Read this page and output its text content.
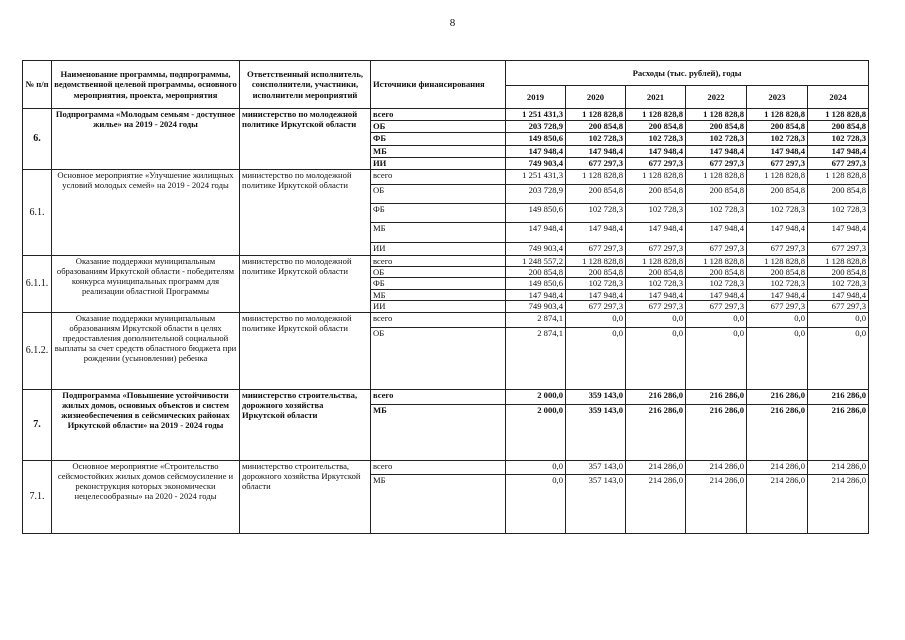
8
№ п/п	Наименование программы, подпрограммы, ведомственной целевой программы, основного мероприятия, проекта, мероприятия	Ответственный исполнитель, соисполнители, участники, исполнители мероприятий	Источники финансирования	Расходы (тыс. рублей), годы					
				2019	2020	2021	2022	2023	2024
6.	Подпрограмма «Молодым семьям - доступное жилье» на 2019 - 2024 годы	министерство по молодежной политике Иркутской области	всего	1 251 431,3	1 128 828,8	1 128 828,8	1 128 828,8	1 128 828,8	1 128 828,8
			ОБ	203 728,9	200 854,8	200 854,8	200 854,8	200 854,8	200 854,8
			ФБ	149 850,6	102 728,3	102 728,3	102 728,3	102 728,3	102 728,3
			МБ	147 948,4	147 948,4	147 948,4	147 948,4	147 948,4	147 948,4
			ИИ	749 903,4	677 297,3	677 297,3	677 297,3	677 297,3	677 297,3
6.1.	Основное мероприятие «Улучшение жилищных условий молодых семей» на 2019 - 2024 годы	министерство по молодежной политике Иркутской области	всего	1 251 431,3	1 128 828,8	1 128 828,8	1 128 828,8	1 128 828,8	1 128 828,8
			ОБ	203 728,9	200 854,8	200 854,8	200 854,8	200 854,8	200 854,8
			ФБ	149 850,6	102 728,3	102 728,3	102 728,3	102 728,3	102 728,3
			МБ	147 948,4	147 948,4	147 948,4	147 948,4	147 948,4	147 948,4
			ИИ	749 903,4	677 297,3	677 297,3	677 297,3	677 297,3	677 297,3
6.1.1.	Оказание поддержки муниципальным образованиям Иркутской области - победителям конкурса муниципальных программ для реализации областной Программы	министерство по молодежной политике Иркутской области	всего	1 248 557,2	1 128 828,8	1 128 828,8	1 128 828,8	1 128 828,8	1 128 828,8
			ОБ	200 854,8	200 854,8	200 854,8	200 854,8	200 854,8	200 854,8
			ФБ	149 850,6	102 728,3	102 728,3	102 728,3	102 728,3	102 728,3
			МБ	147 948,4	147 948,4	147 948,4	147 948,4	147 948,4	147 948,4
			ИИ	749 903,4	677 297,3	677 297,3	677 297,3	677 297,3	677 297,3
6.1.2.	Оказание поддержки муниципальным образованиям Иркутской области в целях предоставления дополнительной социальной выплаты за счет средств областного бюджета при рождении (усыновлении) ребенка	министерство по молодежной политике Иркутской области	всего	2 874,1	0,0	0,0	0,0	0,0	0,0
			ОБ	2 874,1	0,0	0,0	0,0	0,0	0,0
7.	Подпрограмма «Повышение устойчивости жилых домов, основных объектов и систем жизнеобеспечения в сейсмических районах Иркутской области» на 2019 - 2024 годы	министерство строительства, дорожного хозяйства Иркутской области	всего	2 000,0	359 143,0	216 286,0	216 286,0	216 286,0	216 286,0
			МБ	2 000,0	359 143,0	216 286,0	216 286,0	216 286,0	216 286,0
7.1.	Основное мероприятие «Строительство сейсмостойких жилых домов сейсмоусиление и реконструкция которых экономически нецелесообразны» на 2020 - 2024 годы	министерство строительства, дорожного хозяйства Иркутской области	всего	0,0	357 143,0	214 286,0	214 286,0	214 286,0	214 286,0
			МБ	0,0	357 143,0	214 286,0	214 286,0	214 286,0	214 286,0
